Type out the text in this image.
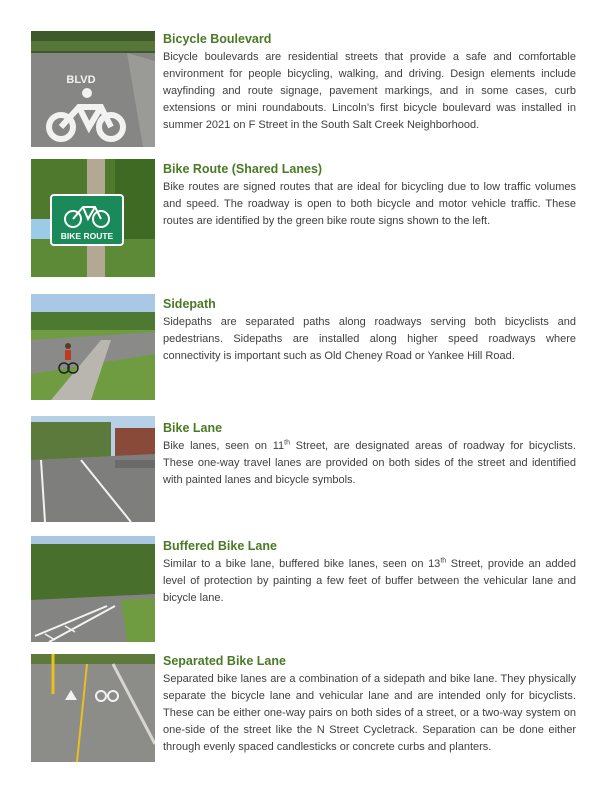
BLVD

Bicycle Boulevard

Bicycle boulevards are residential streets that provide a safe and comfortable environment for people bicycling, walking, and driving. Design elements include wayfinding and route signage, pavement markings, and in some cases, curb extensions or mini roundabouts. Lincoln’s first bicycle boulevard was installed in summer 2021 on F Street in the South Salt Creek Neighborhood.

BIKE ROUTE

Bike Route (Shared Lanes)

Bike routes are signed routes that are ideal for bicycling due to low traffic volumes and speed. The roadway is open to both bicycle and motor vehicle traffic. These routes are identified by the green bike route signs shown to the left.

Sidepath

Sidepaths are separated paths along roadways serving both bicyclists and pedestrians. Sidepaths are installed along higher speed roadways where connectivity is important such as Old Cheney Road or Yankee Hill Road.

Bike Lane

Bike lanes, seen on 11th Street, are designated areas of roadway for bicyclists. These one-way travel lanes are provided on both sides of the street and identified with painted lanes and bicycle symbols.

Buffered Bike Lane

Similar to a bike lane, buffered bike lanes, seen on 13th Street, provide an added level of protection by painting a few feet of buffer between the vehicular lane and bicycle lane.

Separated Bike Lane

Separated bike lanes are a combination of a sidepath and bike lane. They physically separate the bicycle lane and vehicular lane and are intended only for bicyclists. These can be either one-way pairs on both sides of a street, or a two-way system on one-side of the street like the N Street Cycletrack. Separation can be done either through evenly spaced candlesticks or concrete curbs and planters.
